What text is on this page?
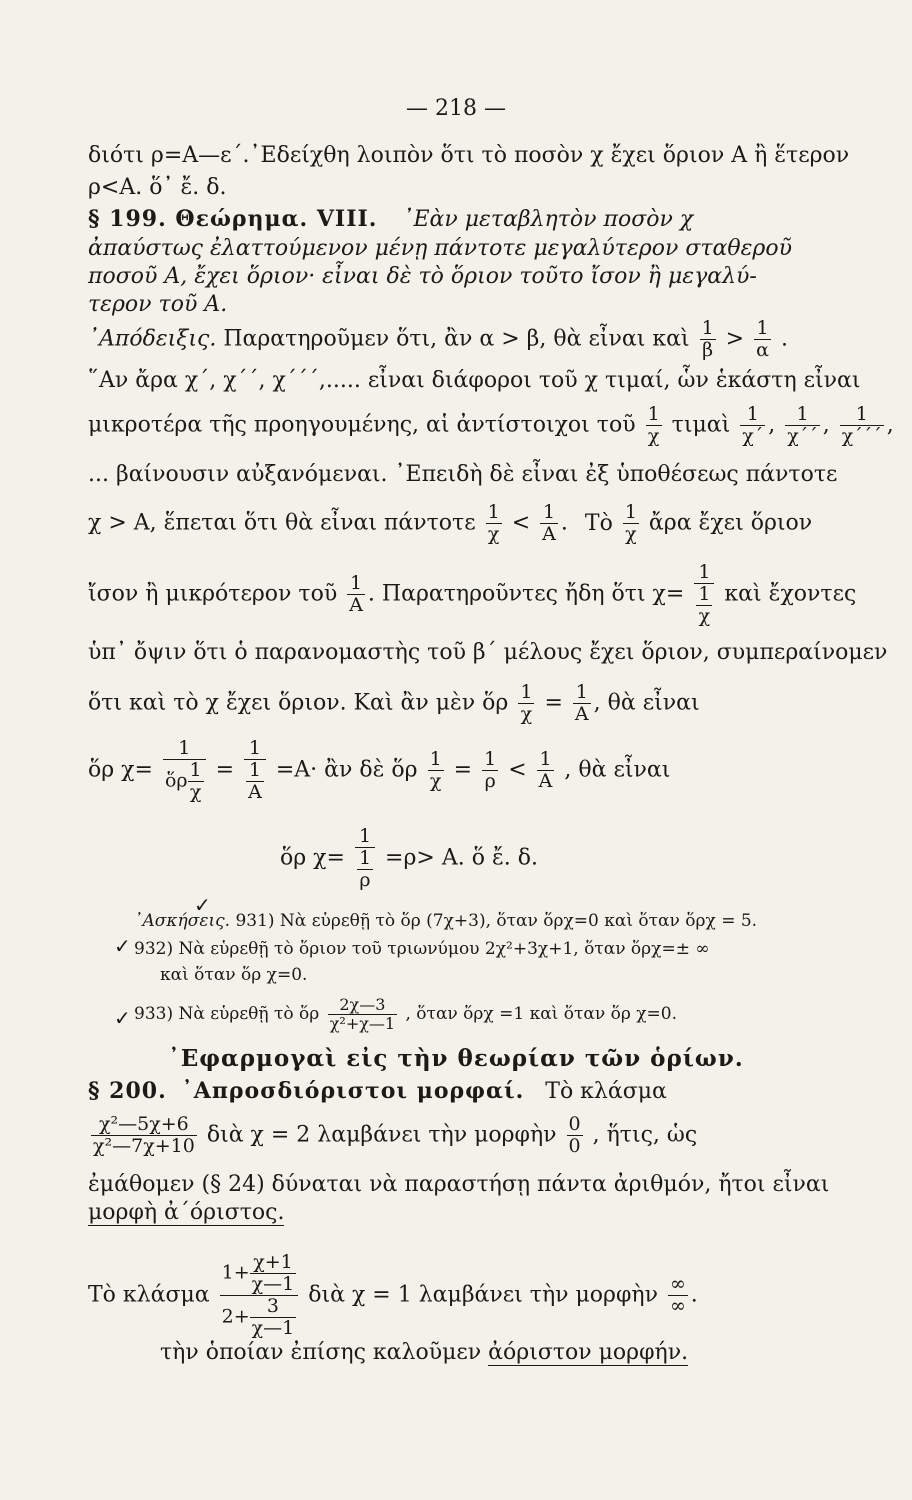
— 218 —
διότι ρ=A—ε΄.᾿Εδείχθη λοιπὸν ὅτι τὸ ποσὸν χ ἔχει ὅριον A ἢ ἕτερον
ρ<A. ὅ᾽ ἔ. δ.
§ 199. Θεώρημα. VIII. ᾿Εὰν μεταβλητὸν ποσὸν χ
ἀπαύστως ἐλαττούμενον μένῃ πάντοτε μεγαλύτερον σταθεροῦ
ποσοῦ A, ἔχει ὅριον· εἶναι δὲ τὸ ὅριον τοῦτο ἴσον ἢ μεγαλύ-
τερον τοῦ A.
᾿Απόδειξις. Παρατηροῦμεν ὅτι, ἂν α > β, θὰ εἶναι καὶ $\frac{1}{\beta} > \frac{1}{\alpha}$ .
῞Αν ἄρα χ΄, χ΄΄, χ΄΄΄,..... εἶναι διάφοροι τοῦ χ τιμαί, ὧν ἑκάστη εἶναι
μικροτέρα τῆς προηγουμένης, αἱ ἀντίστοιχοι τοῦ $\frac{1}{\chi}$ τιμαὶ $\frac{1}{\chi΄}$ , $\frac{1}{\chi΄΄}$ , $\frac{1}{\chi΄΄΄}$ ,
... βαίνουσιν αὐξανόμεναι. ᾿Επειδὴ δὲ εἶναι ἐξ ὑποθέσεως πάντοτε
χ > A, ἕπεται ὅτι θὰ εἶναι πάντοτε $\frac{1}{\chi} < \frac{1}{A}$ . Τὸ $\frac{1}{\chi}$ ἄρα ἔχει ὅριον
ἴσον ἢ μικρότερον τοῦ $\frac{1}{A}$ . Παρατηροῦντες ἤδη ὅτι $\chi= \frac{1}{\frac{1}{\chi}}$ καὶ ἔχοντες
ὑπ᾽ ὄψιν ὅτι ὁ παρανομαστὴς τοῦ β΄ μέλους ἔχει ὅριον, συμπεραίνομεν
ὅτι καὶ τὸ χ ἔχει ὅριον. Καὶ ἂν μὲν ὅρ $\frac{1}{\chi} = \frac{1}{A}$ , θὰ εἶναι
ὅρ $\chi= \frac{1}{ὅ\rho \frac{1}{\chi}} = \frac{1}{\frac{1}{A}} =A\cdot$ ἂν δὲ ὅρ $\frac{1}{\chi} = \frac{1}{\rho} < \frac{1}{A}$ , θὰ εἶναι
ὅρ $\chi= \frac{1}{\frac{1}{\rho}} =\rho> A$. ὅ ἔ. δ.
᾿Ασκήσεις. 931) Νὰ εὑρεθῇ τὸ ὅρ (7χ+3), ὅταν ὅρχ=0 καὶ ὅταν ὅρχ = 5.
✓
932) Νὰ εὑρεθῇ τὸ ὅριον τοῦ τριωνύμου 2χ²+3χ+1, ὅταν ὅρχ=± ∞
✓
καὶ ὅταν ὅρ χ=0.
933) Νὰ εὑρεθῇ τὸ ὅρ $\frac{2\chi—3}{\text{χ²+χ—1}}$ , ὅταν ὅρχ =1 καὶ ὅταν ὅρ χ=0.
✓
᾿Εφαρμογαὶ εἰς τὴν θεωρίαν τῶν ὁρίων.
§ 200. ᾿Απροσδιόριστοι μορφαί. Τὸ κλάσμα
$\frac{\text{χ²—5χ+6}}{\text{χ²—7χ+10}}$ διὰ χ = 2 λαμβάνει τὴν μορφὴν $\frac{0}{0}$ , ἥτις, ὡς
ἐμάθομεν (§ 24) δύναται νὰ παραστήσῃ πάντα ἀριθμόν, ἤτοι εἶναι
μορφὴ ἀ΄όριστος.
Τὸ κλάσμα $\frac{1+ \frac{\chi+1}{\chi—1}}{2+ \frac{3}{\chi—1}}$ διὰ χ = 1 λαμβάνει τὴν μορφὴν $\frac{\infty}{\infty}$ .
τὴν ὁποίαν ἐπίσης καλοῦμεν ἀόριστον μορφήν.
